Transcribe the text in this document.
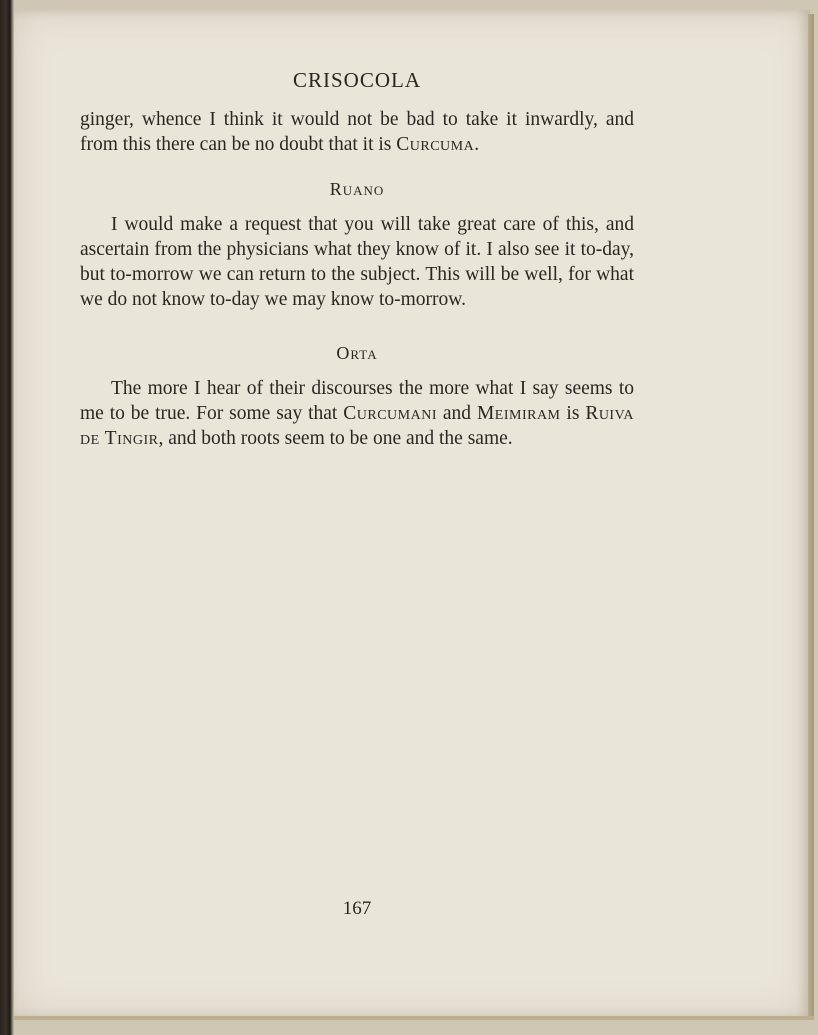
CRISOCOLA

ginger, whence I think it would not be bad to take it inwardly, and from this there can be no doubt that it is Curcuma.

Ruano

I would make a request that you will take great care of this, and ascertain from the physicians what they know of it. I also see it to-day, but to-morrow we can return to the subject. This will be well, for what we do not know to-day we may know to-morrow.

Orta

The more I hear of their discourses the more what I say seems to me to be true. For some say that Curcumani and Meimiram is Ruiva de Tingir, and both roots seem to be one and the same.

167
